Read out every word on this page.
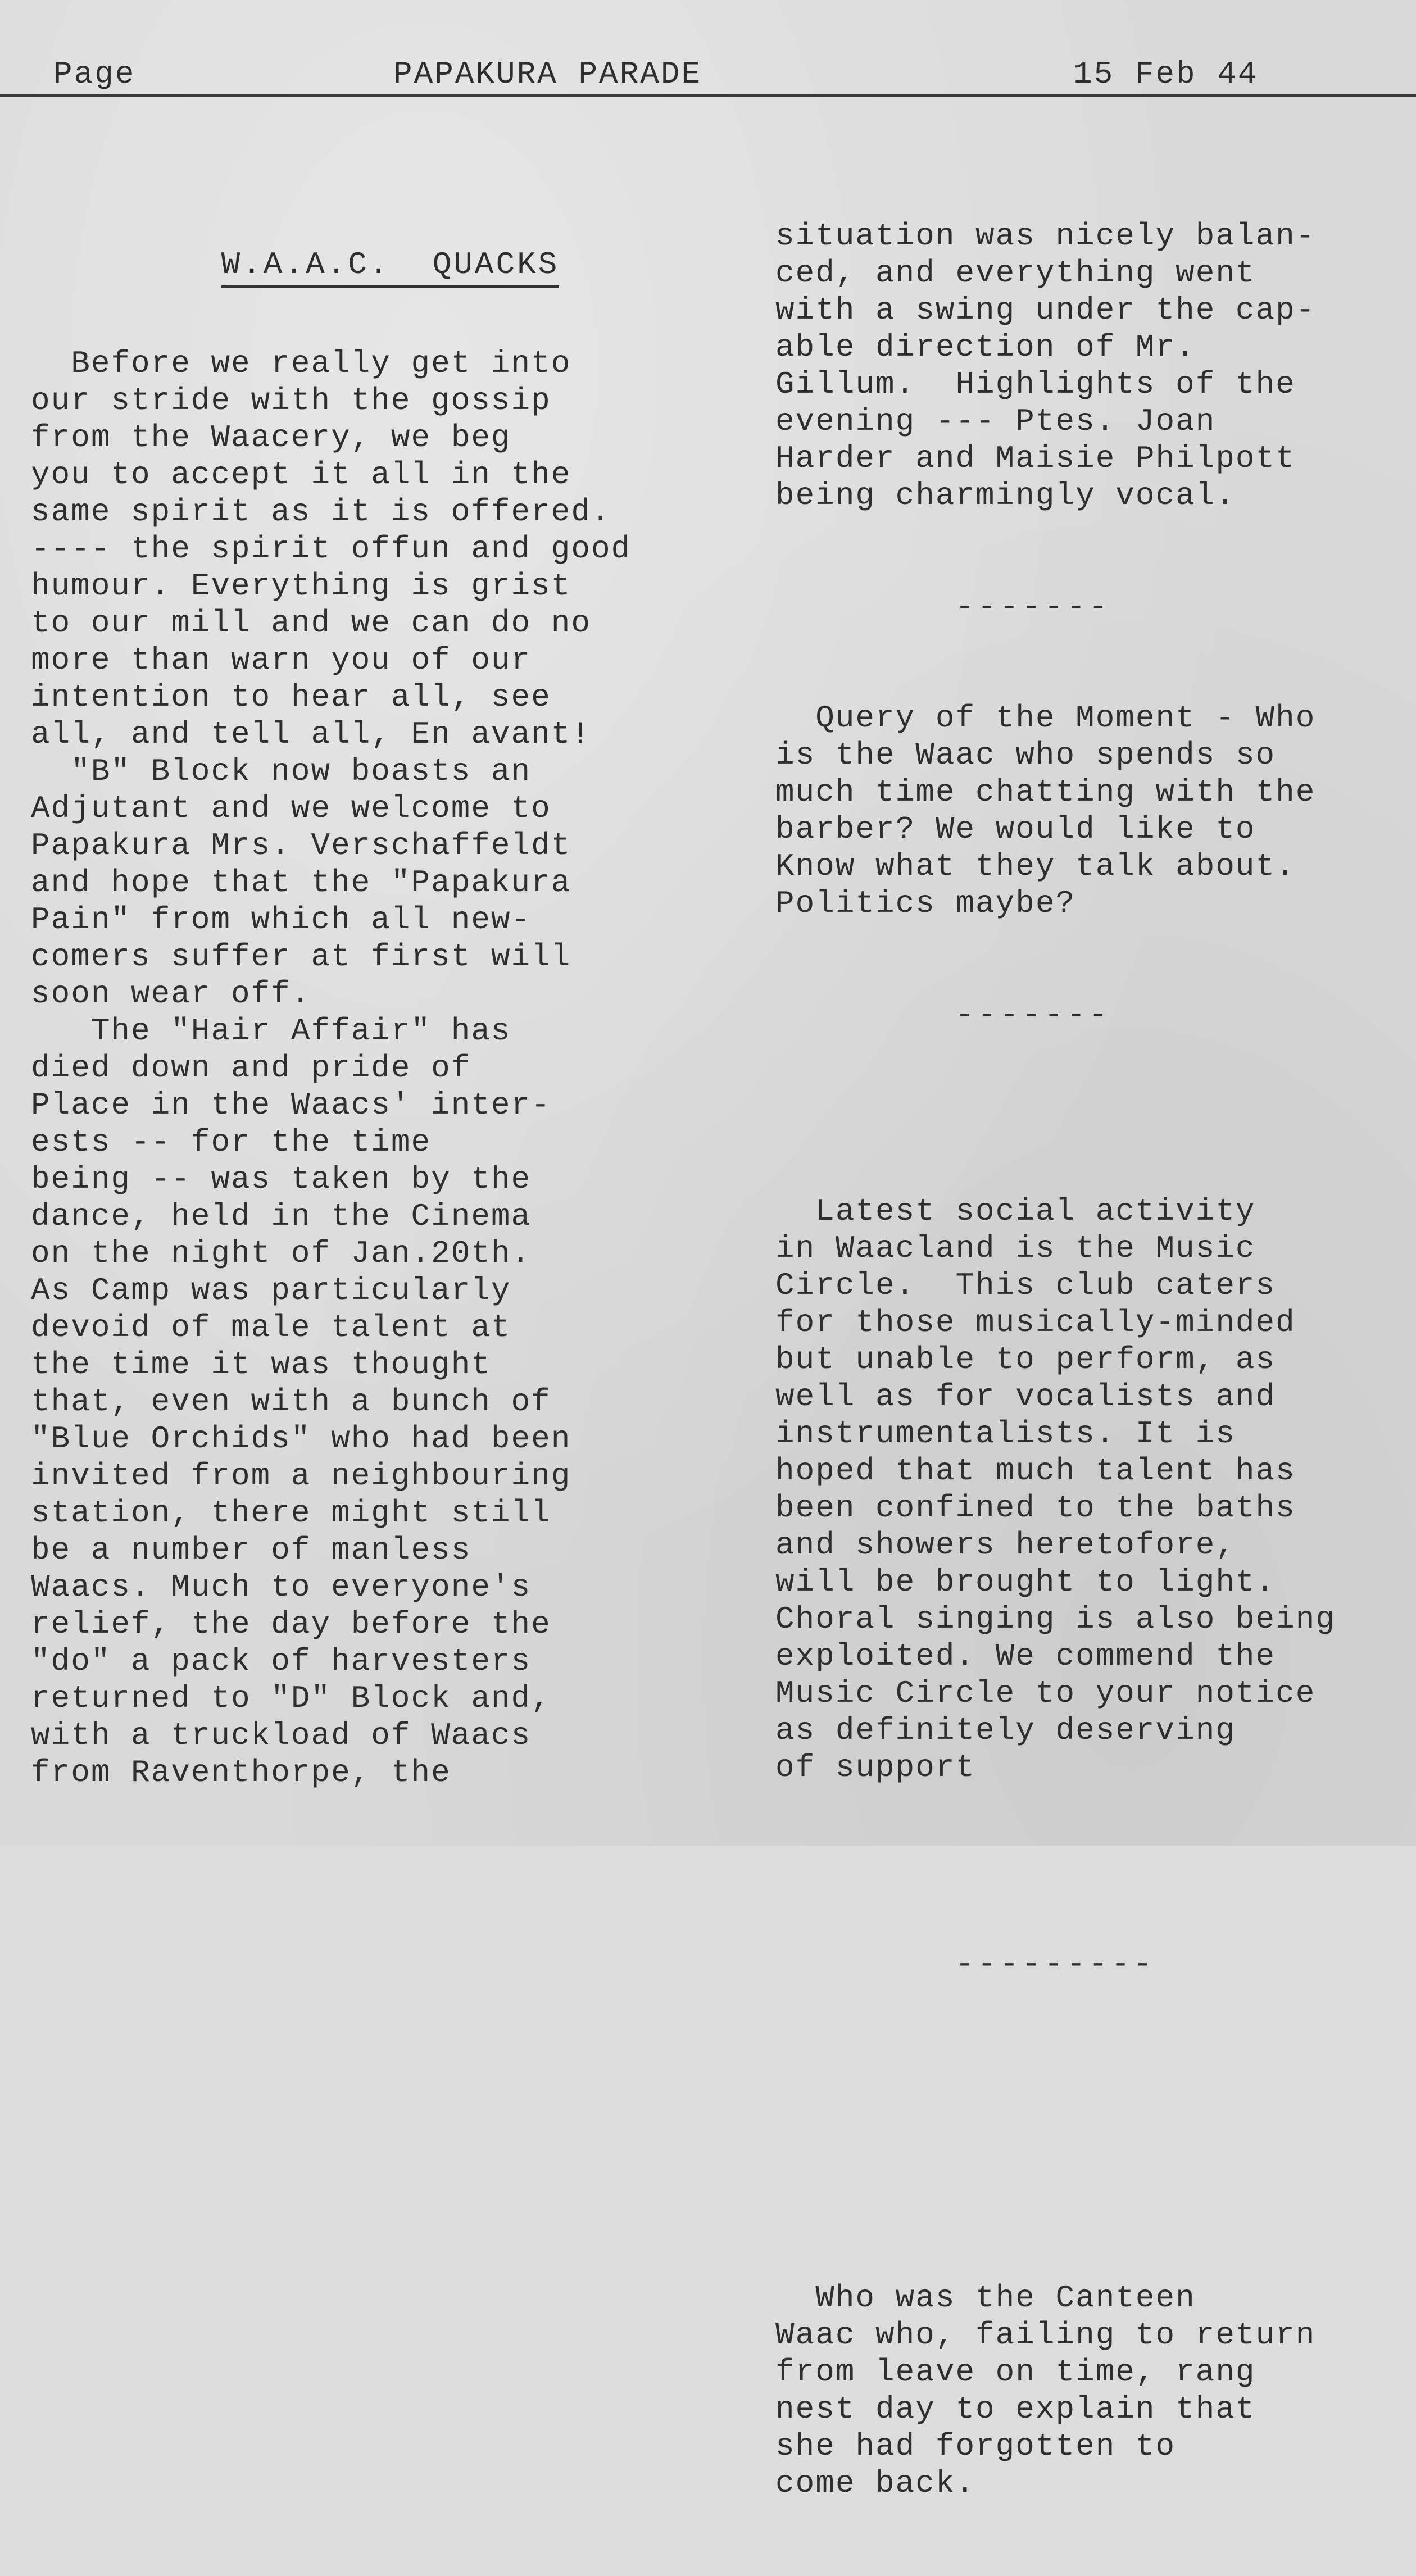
Page	PAPAKURA PARADE	15 Feb 44

W.A.A.C.  QUACKS

Before we really get into
our stride with the gossip
from the Waacery, we beg
you to accept it all in the
same spirit as it is offered.
---- the spirit offun and good
humour. Everything is grist
to our mill and we can do no
more than warn you of our
intention to hear all, see
all, and tell all, En avant!
"B" Block now boasts an
Adjutant and we welcome to
Papakura Mrs. Verschaffeldt
and hope that the "Papakura
Pain" from which all new-
comers suffer at first will
soon wear off.
The "Hair Affair" has
died down and pride of
Place in the Waacs' inter-
ests -- for the time
being -- was taken by the
dance, held in the Cinema
on the night of Jan.20th.
As Camp was particularly
devoid of male talent at
the time it was thought
that, even with a bunch of
"Blue Orchids" who had been
invited from a neighbouring
station, there might still
be a number of manless
Waacs. Much to everyone's
relief, the day before the
"do" a pack of harvesters
returned to "D" Block and,
with a truckload of Waacs
from Raventhorpe, the

situation was nicely balan-
ced, and everything went
with a swing under the cap-
able direction of Mr.
Gillum.  Highlights of the
evening --- Ptes. Joan
Harder and Maisie Philpott
being charmingly vocal.

-------

Query of the Moment - Who
is the Waac who spends so
much time chatting with the
barber? We would like to
Know what they talk about.
Politics maybe?

-------

Latest social activity
in Waacland is the Music
Circle.  This club caters
for those musically-minded
but unable to perform, as
well as for vocalists and
instrumentalists. It is
hoped that much talent has
been confined to the baths
and showers heretofore,
will be brought to light.
Choral singing is also being
exploited. We commend the
Music Circle to your notice
as definitely deserving
of support

---------

Who was the Canteen
Waac who, failing to return
from leave on time, rang
nest day to explain that
she had forgotten to
come back.
